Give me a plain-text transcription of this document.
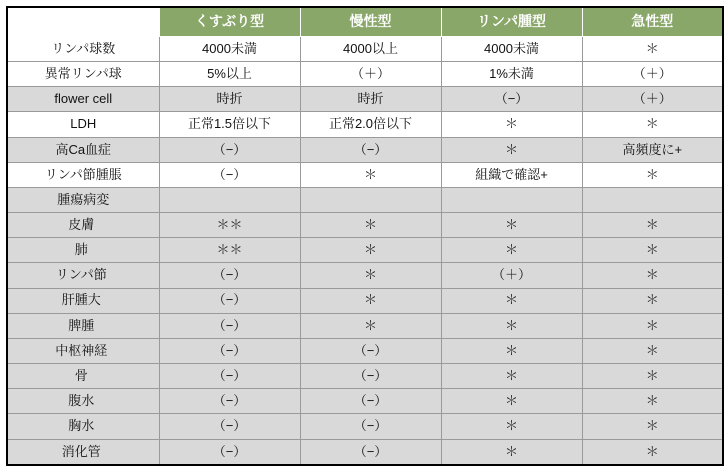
	くすぶり型	慢性型	リンパ腫型	急性型
リンパ球数	4000未満	4000以上	4000未満	＊
異常リンパ球	5%以上	（＋）	1%未満	（＋）
flower cell	時折	時折	（−）	（＋）
LDH	正常1.5倍以下	正常2.0倍以下	＊	＊
高Ca血症	（−）	（−）	＊	高頻度に+
リンパ節腫脹	（−）	＊	組織で確認+	＊
腫瘍病変				
皮膚	＊＊	＊	＊	＊
肺	＊＊	＊	＊	＊
リンパ節	（−）	＊	（＋）	＊
肝腫大	（−）	＊	＊	＊
脾腫	（−）	＊	＊	＊
中枢神経	（−）	（−）	＊	＊
骨	（−）	（−）	＊	＊
腹水	（−）	（−）	＊	＊
胸水	（−）	（−）	＊	＊
消化管	（−）	（−）	＊	＊
